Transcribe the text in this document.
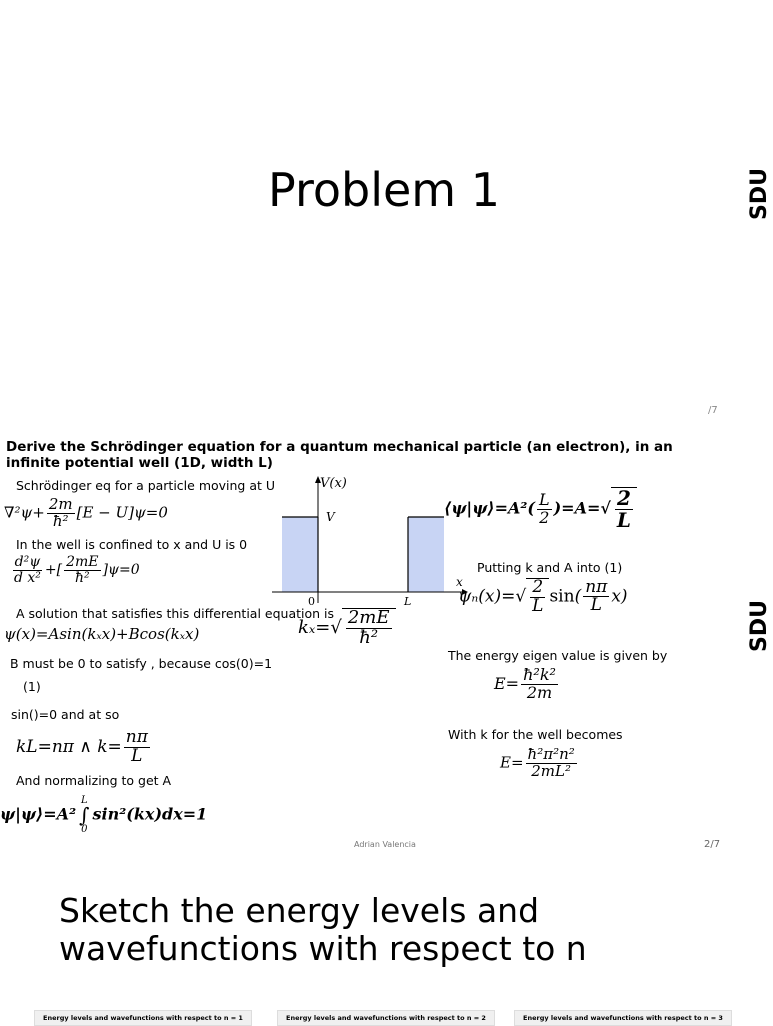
Problem 1
/7
SDU
Derive the Schrödinger equation for a quantum mechanical particle (an electron), in an infinite potential well (1D, width L)
Schrödinger eq for a particle moving at U
$\nabla^2\psi+ \frac{2m}{\text{ħ²}} [E - U]\psi=0$
In the well is confined to x and U is 0
$\frac{\text{d²ψ}}{\text{d x²}}$ +[ $\frac{2mE}{\text{ħ²}} ]\psi=0$
A solution that satisfies this differential equation is
ψ(x)=Asin(kₓx)+Bcos(kₓx)
B must be 0 to satisfy , because cos(0)=1
(1)
sin()=0 and at so
kL=nπ ∧ $k= \frac{n\pi}{L}$
And normalizing to get A
ψ|ψ⟩=A²
L
∫
0
sin²(kx)dx=1
V(x)
V
0	L
x
$k_x=√ \frac{2mE}{\text{ħ²}}$
⟨ψ|ψ⟩=A²( $\frac{L}{2} )=A=√ \frac{2}{L}$
Putting k and A into (1)
$\psi_n(x)=√ \frac{2}{L} \sin( \frac{n\pi}{L} x)$
The energy eigen value is given by
$E= \frac{\text{ħ²k²}}{2m}$
With k for the well becomes
$E= \frac{\text{ħ²π²n²}}{\text{2mL²}}$
Adrian Valencia	2/7
SDU
Sketch the energy levels and
wavefunctions with respect to n
Energy levels and wavefunctions with respect to n = 1	Energy levels and wavefunctions with respect to n = 2	Energy levels and wavefunctions with respect to n = 3
